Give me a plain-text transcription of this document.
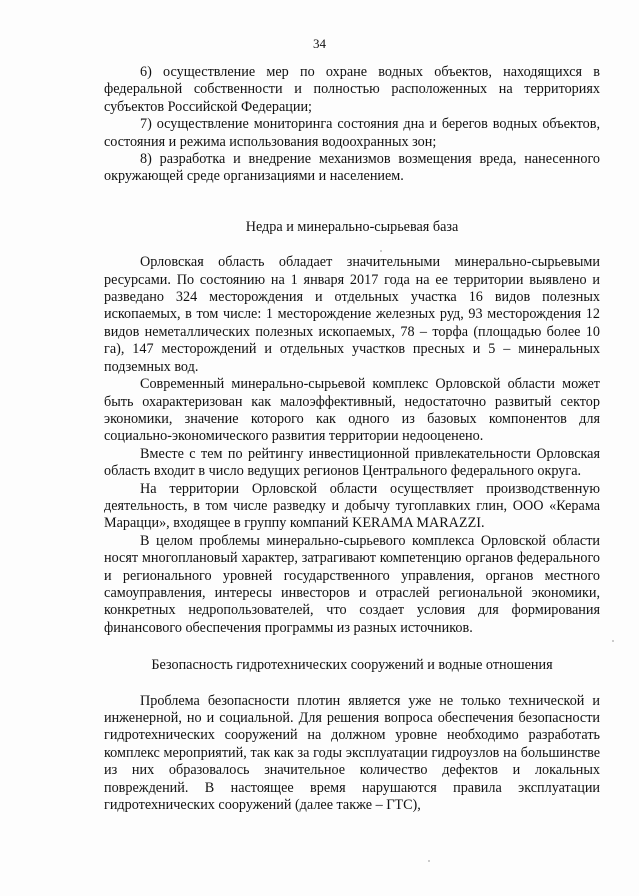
34

6) осуществление мер по охране водных объектов, находящихся в федеральной собственности и полностью расположенных на территориях субъектов Российской Федерации;

7) осуществление мониторинга состояния дна и берегов водных объектов, состояния и режима использования водоохранных зон;

8) разработка и внедрение механизмов возмещения вреда, нанесенного окружающей среде организациями и населением.

Недра и минерально-сырьевая база

Орловская область обладает значительными минерально-сырьевыми ресурсами. По состоянию на 1 января 2017 года на ее территории выявлено и разведано 324 месторождения и отдельных участка 16 видов полезных ископаемых, в том числе: 1 месторождение железных руд, 93 месторождения 12 видов неметаллических полезных ископаемых, 78 – торфа (площадью более 10 га), 147 месторождений и отдельных участков пресных и 5 – минеральных подземных вод.

Современный минерально-сырьевой комплекс Орловской области может быть охарактеризован как малоэффективный, недостаточно развитый сектор экономики, значение которого как одного из базовых компонентов для социально-экономического развития территории недооценено.

Вместе с тем по рейтингу инвестиционной привлекательности Орловская область входит в число ведущих регионов Центрального федерального округа.

На территории Орловской области осуществляет производственную деятельность, в том числе разведку и добычу тугоплавких глин, ООО «Керама Марацци», входящее в группу компаний KERAMA MARAZZI.

В целом проблемы минерально-сырьевого комплекса Орловской области носят многоплановый характер, затрагивают компетенцию органов федерального и регионального уровней государственного управления, органов местного самоуправления, интересы инвесторов и отраслей региональной экономики, конкретных недропользователей, что создает условия для формирования финансового обеспечения программы из разных источников.

Безопасность гидротехнических сооружений и водные отношения

Проблема безопасности плотин является уже не только технической и инженерной, но и социальной. Для решения вопроса обеспечения безопасности гидротехнических сооружений на должном уровне необходимо разработать комплекс мероприятий, так как за годы эксплуатации гидроузлов на большинстве из них образовалось значительное количество дефектов и локальных повреждений. В настоящее время нарушаются правила эксплуатации гидротехнических сооружений (далее также – ГТС),
